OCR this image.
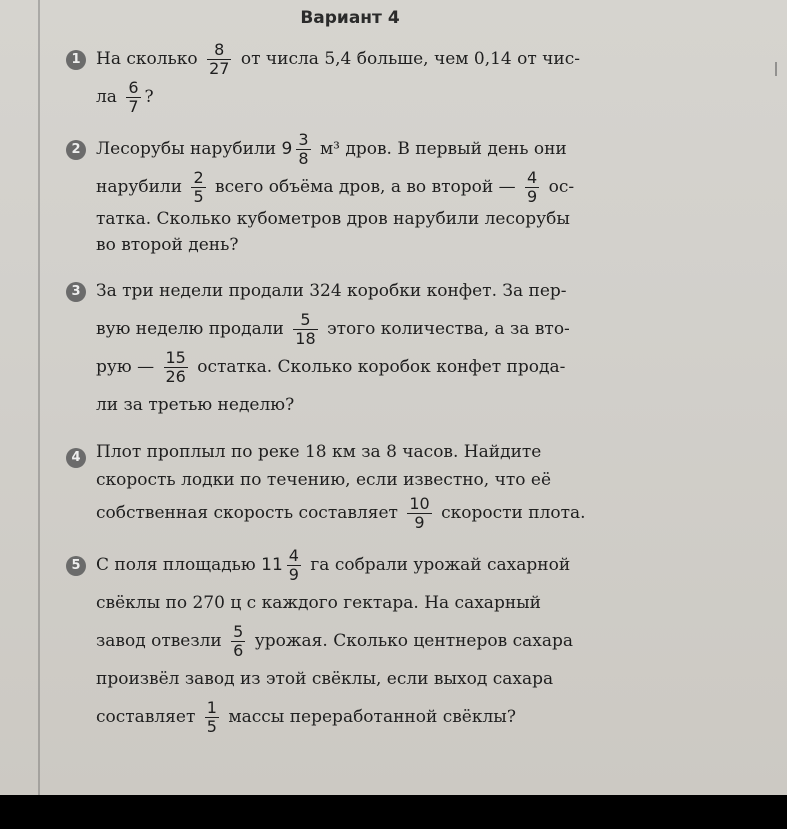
Вариант 4
1 На сколько $\frac{8}{27}$ от числа 5,4 больше, чем 0,14 от чис-
ла $\frac{6}{7}$ ?
2 Лесорубы нарубили $9 \frac{3}{8} м^3$ дров. В первый день они
нарубили $\frac{2}{5}$ всего объёма дров, а во второй — $\frac{4}{9} ос-$
татка. Сколько кубометров дров нарубили лесорубы
во второй день?
3 За три недели продали 324 коробки конфет. За пер-
вую неделю продали $\frac{5}{18}$ этого количества, а за вто-
рую — $\frac{15}{26}$ остатка. Сколько коробок конфет прода-
ли за третью неделю?
4 Плот проплыл по реке 18 км за 8 часов. Найдите
скорость лодки по течению, если известно, что её
собственная скорость составляет $\frac{10}{9}$ скорости плота.
5 С поля площадью $11 \frac{4}{9}$ га собрали урожай сахарной
свёклы по 270 ц с каждого гектара. На сахарный
завод отвезли $\frac{5}{6}$ урожая. Сколько центнеров сахара
произвёл завод из этой свёклы, если выход сахара
составляет $\frac{1}{5}$ массы переработанной свёклы?
